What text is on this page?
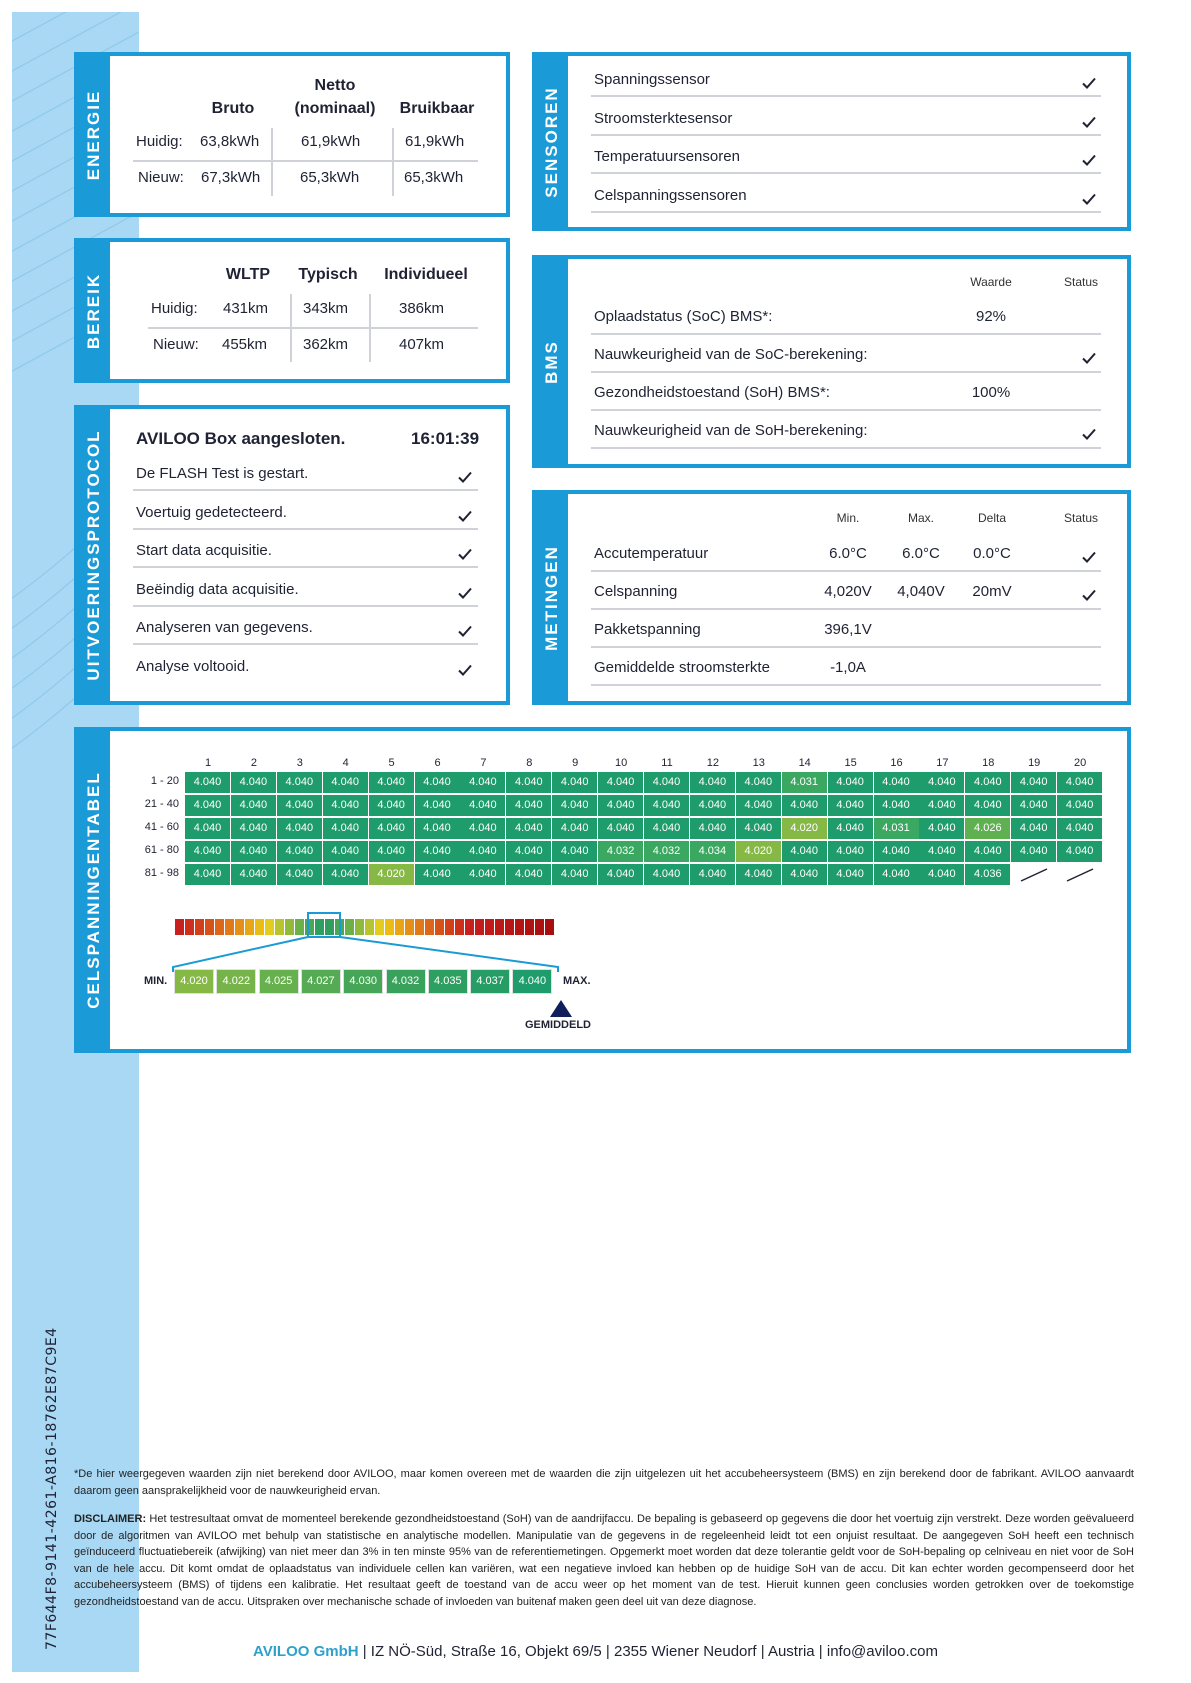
77F644F8-9141-4261-A816-18762E87C9E4
ENERGIE	Bruto
Netto
(nominaal)	Bruikbaar
Huidig: 63,8kWh	61,9kWh	61,9kWh
Nieuw: 67,3kWh	65,3kWh	65,3kWh
BEREIK	WLTP	Typisch	Individueel
Huidig: 431km 343km	386km
Nieuw: 455km 362km	407km
UITVOERINGSPROTOCOL AVILOO Box aangesloten.	16:01:39
De FLASH Test is gestart.
Voertuig gedetecteerd.
Start data acquisitie.
Beëindig data acquisitie.
Analyseren van gegevens.
Analyse voltooid.
SENSOREN
Spanningssensor
Stroomsterktesensor
Temperatuursensoren
Celspanningssensoren
BMS
Waarde	Status
Oplaadstatus (SoC) BMS*:	92%
Nauwkeurigheid van de SoC-berekening:
Gezondheidstoestand (SoH) BMS*:	100%
Nauwkeurigheid van de SoH-berekening:
METINGEN
Min.	Max.	Delta	Status
Accutemperatuur	6.0°C	6.0°C	0.0°C
Celspanning	4,020V	4,040V	20mV
Pakketspanning	396,1V
Gemiddelde stroomsterkte	-1,0A
CELSPANNINGENTABEL
1	2	3	4	5	6	7	8	9	10	11	12	13	14	15	16	17	18	19	20
1 - 20	4.040	4.040	4.040	4.040	4.040	4.040	4.040	4.040	4.040	4.040	4.040	4.040	4.040	4.031	4.040	4.040	4.040	4.040	4.040	4.040
21 - 40	4.040	4.040	4.040	4.040	4.040	4.040	4.040	4.040	4.040	4.040	4.040	4.040	4.040	4.040	4.040	4.040	4.040	4.040	4.040	4.040
41 - 60	4.040	4.040	4.040	4.040	4.040	4.040	4.040	4.040	4.040	4.040	4.040	4.040	4.040	4.020	4.040	4.031	4.040	4.026	4.040	4.040
61 - 80	4.040	4.040	4.040	4.040	4.040	4.040	4.040	4.040	4.040	4.032	4.032	4.034	4.020	4.040	4.040	4.040	4.040	4.040	4.040	4.040
81 - 98	4.040	4.040	4.040	4.040	4.020	4.040	4.040	4.040	4.040	4.040	4.040	4.040	4.040	4.040	4.040	4.040	4.040	4.036
MIN.	4.020	4.022	4.025	4.027	4.030	4.032	4.035	4.037	4.040	MAX.
GEMIDDELD
*De hier weergegeven waarden zijn niet berekend door AVILOO, maar komen overeen met de waarden die zijn uitgelezen uit het accubeheersysteem (BMS) en zijn berekend door de fabrikant. AVILOO aanvaardt daarom geen aansprakelijkheid voor de nauwkeurigheid ervan.
DISCLAIMER: Het testresultaat omvat de momenteel berekende gezondheidstoestand (SoH) van de aandrijfaccu. De bepaling is gebaseerd op gegevens die door het voertuig zijn verstrekt. Deze worden geëvalueerd door de algoritmen van AVILOO met behulp van statistische en analytische modellen. Manipulatie van de gegevens in de regeleenheid leidt tot een onjuist resultaat. De aangegeven SoH heeft een technisch geïnduceerd fluctuatiebereik (afwijking) van niet meer dan 3% in ten minste 95% van de referentiemetingen. Opgemerkt moet worden dat deze tolerantie geldt voor de SoH-bepaling op celniveau en niet voor de SoH van de hele accu. Dit komt omdat de oplaadstatus van individuele cellen kan variëren, wat een negatieve invloed kan hebben op de huidige SoH van de accu. Dit kan echter worden gecompenseerd door het accubeheersysteem (BMS) of tijdens een kalibratie. Het resultaat geeft de toestand van de accu weer op het moment van de test. Hieruit kunnen geen conclusies worden getrokken over de toekomstige gezondheidstoestand van de accu. Uitspraken over mechanische schade of invloeden van buitenaf maken geen deel uit van deze diagnose.
AVILOO GmbH | IZ NÖ-Süd, Straße 16, Objekt 69/5 | 2355 Wiener Neudorf | Austria | info@aviloo.com
